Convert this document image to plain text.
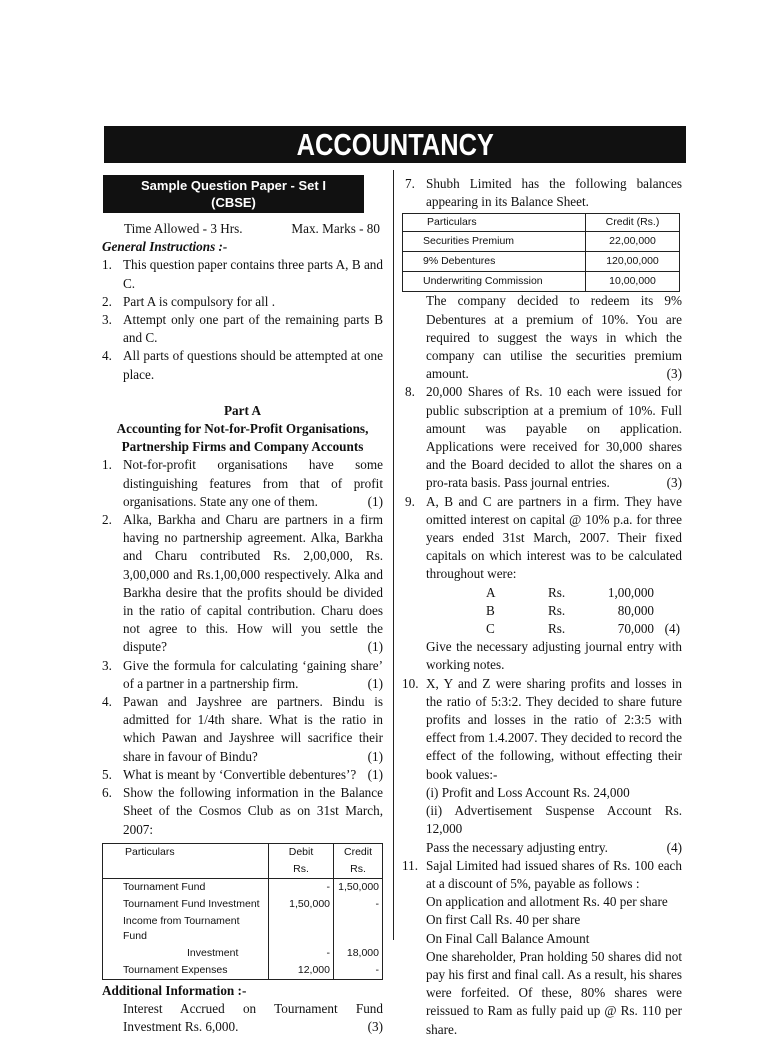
ACCOUNTANCY
Sample Question Paper - Set I
(CBSE)
Time Allowed - 3 Hrs.	Max. Marks - 80
General Instructions :-
1. This question paper contains three parts A, B and C.
2. Part A is compulsory for all .
3. Attempt only one part of the remaining parts B and C.
4. All parts of questions should be attempted at one place.
Part A
Accounting for Not-for-Profit Organisations,
Partnership Firms and Company Accounts
1. Not-for-profit organisations have some distinguishing features from that of profit organisations. State any one of them.	(1)
2. Alka, Barkha and Charu are partners in a firm having no partnership agreement. Alka, Barkha and Charu contributed Rs. 2,00,000, Rs. 3,00,000 and Rs.1,00,000 respectively. Alka and Barkha desire that the profits should be divided in the ratio of capital contribution. Charu does not agree to this. How will you settle the dispute?	(1)
3. Give the formula for calculating ‘gaining share’ of a partner in a partnership firm.	(1)
4. Pawan and Jayshree are partners. Bindu is admitted for 1/4th share. What is the ratio in which Pawan and Jayshree will sacrifice their share in favour of Bindu?	(1)
5. What is meant by ‘Convertible debentures’? (1)
6. Show the following information in the Balance Sheet of the Cosmos Club as on 31st March, 2007:
Particulars	Debit	Credit
	Rs.	Rs.
Tournament Fund	-	1,50,000
Tournament Fund Investment	1,50,000	-
Income from Tournament Fund		
Investment	-	18,000
Tournament Expenses	12,000	-
Additional Information :-
Interest Accrued on Tournament Fund Investment Rs. 6,000.	(3)
7. Shubh Limited has the following balances appearing in its Balance Sheet.
Particulars	Credit (Rs.)
Securities Premium	22,00,000
9% Debentures	120,00,000
Underwriting Commission	10,00,000
The company decided to redeem its 9% Debentures at a premium of 10%. You are required to suggest the ways in which the company can utilise the securities premium amount.	(3)
8. 20,000 Shares of Rs. 10 each were issued for public subscription at a premium of 10%. Full amount was payable on application. Applications were received for 30,000 shares and the Board decided to allot the shares on a pro-rata basis. Pass journal entries.	(3)
9. A, B and C are partners in a firm. They have omitted interest on capital @ 10% p.a. for three years ended 31st March, 2007. Their fixed capitals on which interest was to be calculated throughout were:
A	Rs.	1,00,000
B	Rs.	80,000
C	Rs.	70,000 (4)
Give the necessary adjusting journal entry with working notes.
10. X, Y and Z were sharing profits and losses in the ratio of 5:3:2. They decided to share future profits and losses in the ratio of 2:3:5 with effect from 1.4.2007. They decided to record the effect of the following, without effecting their book values:-
(i) Profit and Loss Account Rs. 24,000
(ii) Advertisement Suspense Account Rs. 12,000
Pass the necessary adjusting entry.	(4)
11. Sajal Limited had issued shares of Rs. 100 each at a discount of 5%, payable as follows :
On application and allotment Rs. 40 per share
On first Call Rs. 40 per share
On Final Call Balance Amount
One shareholder, Pran holding 50 shares did not pay his first and final call. As a result, his shares were forfeited. Of these, 80% shares were reissued to Ram as fully paid up @ Rs. 110 per share.
